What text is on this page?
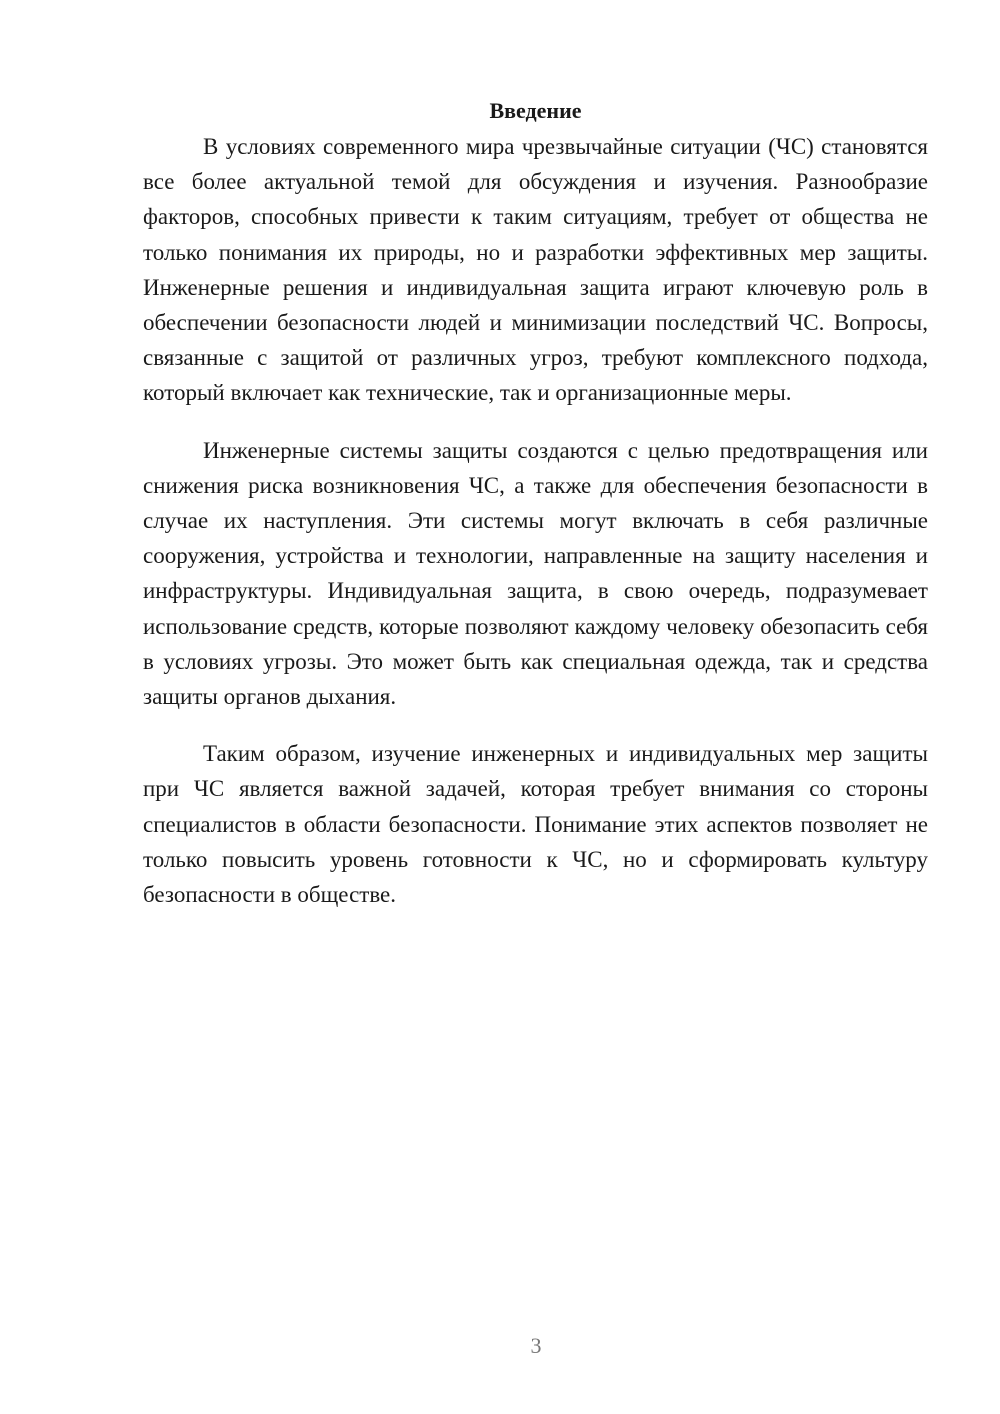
Введение

В условиях современного мира чрезвычайные ситуации (ЧС) становятся все более актуальной темой для обсуждения и изучения. Разнообразие факторов, способных привести к таким ситуациям, требует от общества не только понимания их природы, но и разработки эффективных мер защиты. Инженерные решения и индивидуальная защита играют ключевую роль в обеспечении безопасности людей и минимизации последствий ЧС. Вопросы, связанные с защитой от различных угроз, требуют комплексного подхода, который включает как технические, так и организационные меры.

Инженерные системы защиты создаются с целью предотвращения или снижения риска возникновения ЧС, а также для обеспечения безопасности в случае их наступления. Эти системы могут включать в себя различные сооружения, устройства и технологии, направленные на защиту населения и инфраструктуры. Индивидуальная защита, в свою очередь, подразумевает использование средств, которые позволяют каждому человеку обезопасить себя в условиях угрозы. Это может быть как специальная одежда, так и средства защиты органов дыхания.

Таким образом, изучение инженерных и индивидуальных мер защиты при ЧС является важной задачей, которая требует внимания со стороны специалистов в области безопасности. Понимание этих аспектов позволяет не только повысить уровень готовности к ЧС, но и сформировать культуру безопасности в обществе.

3
